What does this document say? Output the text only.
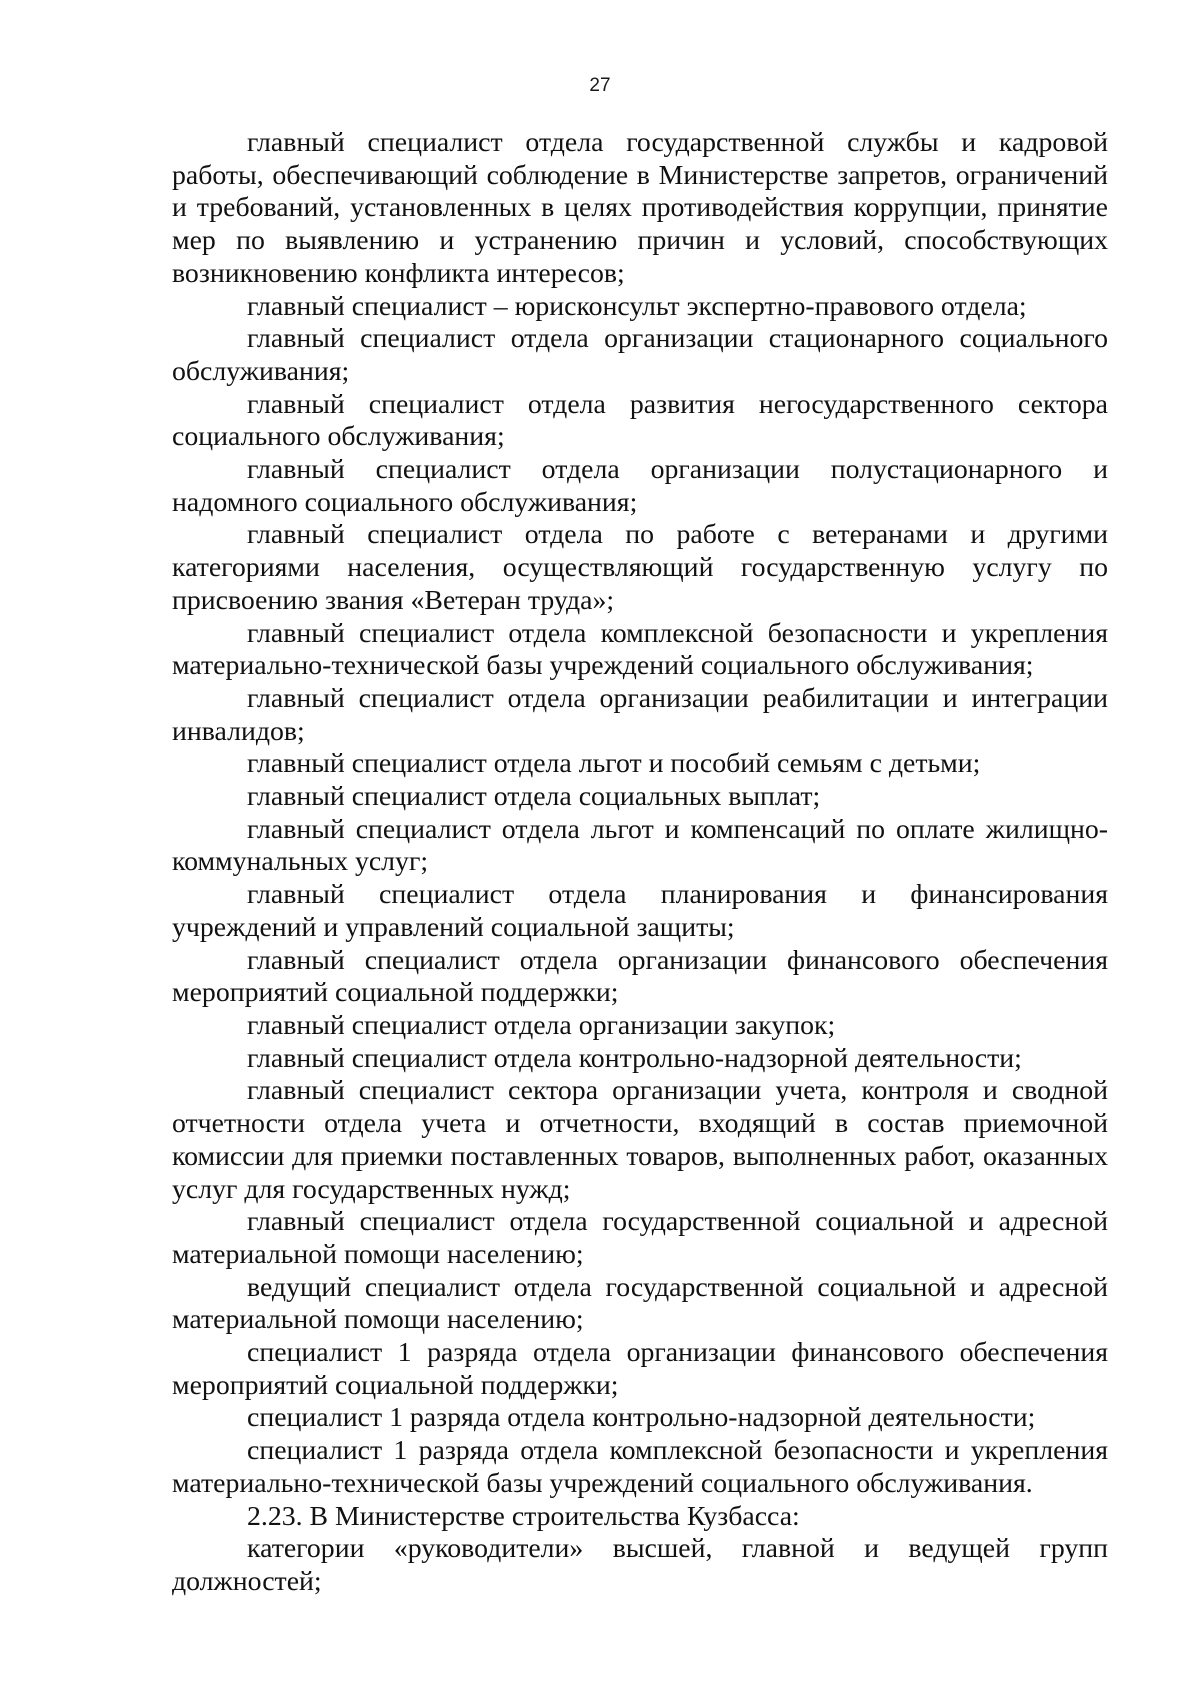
27

главный специалист отдела государственной службы и кадровой работы, обеспечивающий соблюдение в Министерстве запретов, ограничений и требований, установленных в целях противодействия коррупции, принятие мер по выявлению и устранению причин и условий, способствующих возникновению конфликта интересов;

главный специалист – юрисконсульт экспертно-правового отдела;

главный специалист отдела организации стационарного социального обслуживания;

главный специалист отдела развития негосударственного сектора социального обслуживания;

главный специалист отдела организации полустационарного и надомного социального обслуживания;

главный специалист отдела по работе с ветеранами и другими категориями населения, осуществляющий государственную услугу по присвоению звания «Ветеран труда»;

главный специалист отдела комплексной безопасности и укрепления материально-технической базы учреждений социального обслуживания;

главный специалист отдела организации реабилитации и интеграции инвалидов;

главный специалист отдела льгот и пособий семьям с детьми;

главный специалист отдела социальных выплат;

главный специалист отдела льгот и компенсаций по оплате жилищно-коммунальных услуг;

главный специалист отдела планирования и финансирования учреждений и управлений социальной защиты;

главный специалист отдела организации финансового обеспечения мероприятий социальной поддержки;

главный специалист отдела организации закупок;

главный специалист отдела контрольно-надзорной деятельности;

главный специалист сектора организации учета, контроля и сводной отчетности отдела учета и отчетности, входящий в состав приемочной комиссии для приемки поставленных товаров, выполненных работ, оказанных услуг для государственных нужд;

главный специалист отдела государственной социальной и адресной материальной помощи населению;

ведущий специалист отдела государственной социальной и адресной материальной помощи населению;

специалист 1 разряда отдела организации финансового обеспечения мероприятий социальной поддержки;

специалист 1 разряда отдела контрольно-надзорной деятельности;

специалист 1 разряда отдела комплексной безопасности и укрепления материально-технической базы учреждений социального обслуживания.

2.23. В Министерстве строительства Кузбасса:

категории «руководители» высшей, главной и ведущей групп должностей;
